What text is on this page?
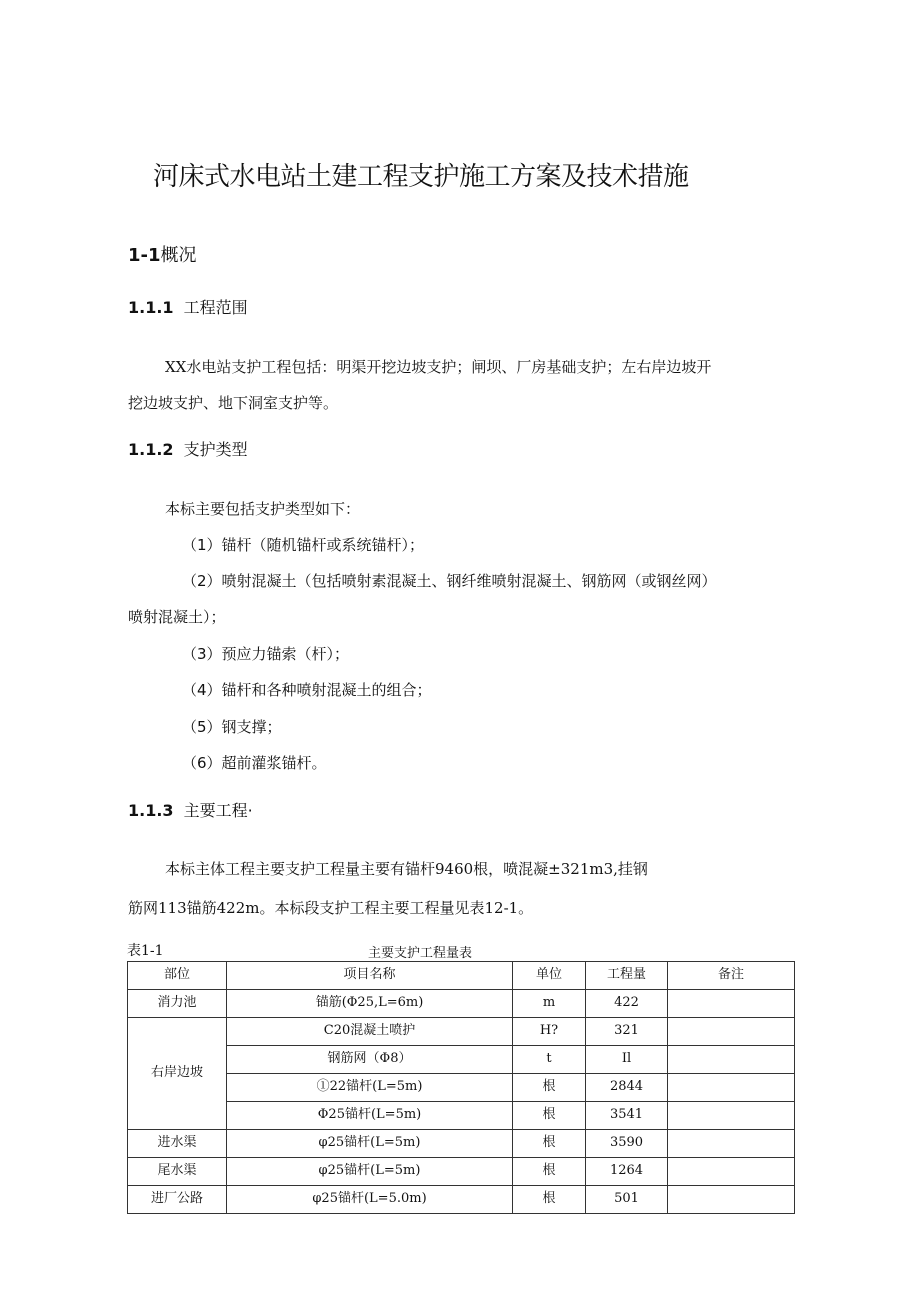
河床式水电站土建工程支护施工方案及技术措施
1-1概况
1.1.1 工程范围
XX水电站支护工程包括：明渠开挖边坡支护；闸坝、厂房基础支护；左右岸边坡开
挖边坡支护、地下洞室支护等。
1.1.2 支护类型
本标主要包括支护类型如下：
（1）锚杆（随机锚杆或系统锚杆）；
（2）喷射混凝土（包括喷射素混凝土、钢纤维喷射混凝土、钢筋网（或钢丝网）
喷射混凝土）；
（3）预应力锚索（杆）；
（4）锚杆和各种喷射混凝土的组合；
（5）钢支撑；
（6）超前灌浆锚杆。
1.1.3 主要工程·
本标主体工程主要支护工程量主要有锚杆9460根，喷混凝±321m3,挂钢
筋网113锚筋422m。本标段支护工程主要工程量见表12-1。
表1-1	主要支护工程量表
部位	项目名称	单位	工程量	备注
消力池	锚筋(Φ25,L=6m)	m	422	
右岸边坡	C20混凝土喷护	H?	321	
	钢筋网（Φ8）	t	Il	
	①22锚杆(L=5m)	根	2844	
	Φ25锚杆(L=5m)	根	3541	
进水渠	φ25锚杆(L=5m)	根	3590	
尾水渠	φ25锚杆(L=5m)	根	1264	
进厂公路	φ25锚杆(L=5.0m)	根	501	
